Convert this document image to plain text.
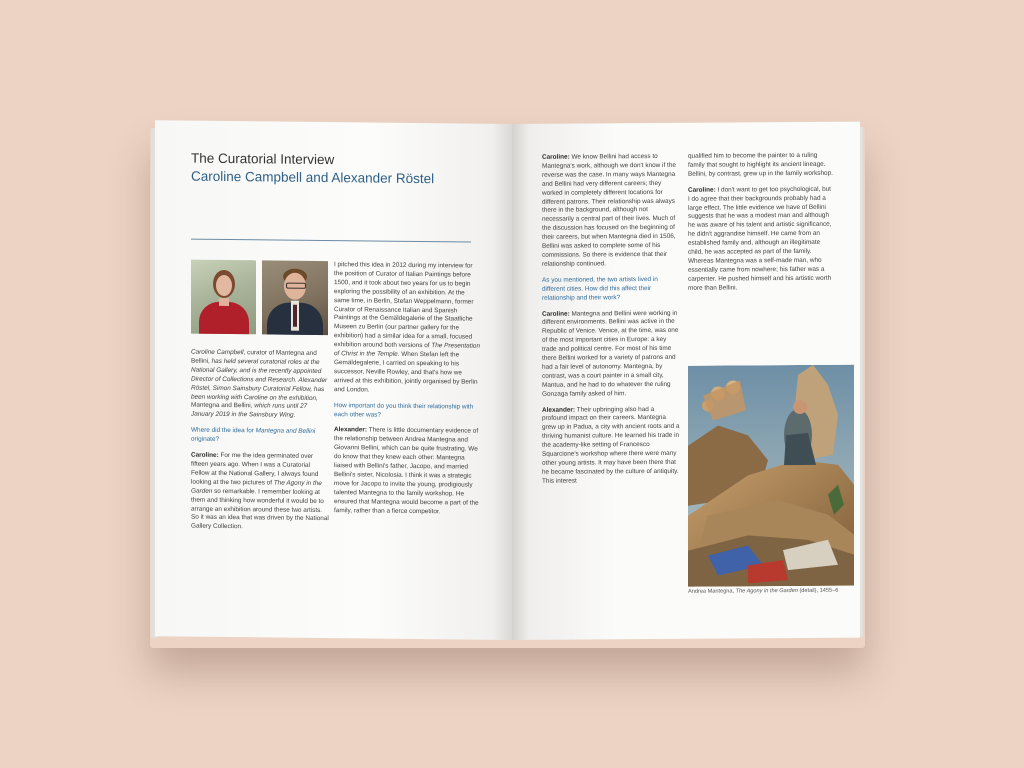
The Curatorial Interview
Caroline Campbell and Alexander Röstel

Caroline Campbell, curator of Mantegna and Bellini, has held several curatorial roles at the National Gallery, and is the recently appointed Director of Collections and Research. Alexander Röstel, Simon Sainsbury Curatorial Fellow, has been working with Caroline on the exhibition, Mantegna and Bellini, which runs until 27 January 2019 in the Sainsbury Wing.

Where did the idea for Mantegna and Bellini originate?

Caroline: For me the idea germinated over fifteen years ago. When I was a Curatorial Fellow at the National Gallery, I always found looking at the two pictures of The Agony in the Garden so remarkable. I remember looking at them and thinking how wonderful it would be to arrange an exhibition around these two artists. So it was an idea that was driven by the National Gallery Collection.

I pitched this idea in 2012 during my interview for the position of Curator of Italian Paintings before 1500, and it took about two years for us to begin exploring the possibility of an exhibition. At the same time, in Berlin, Stefan Weppelmann, former Curator of Renaissance Italian and Spanish Paintings at the Gemäldegalerie of the Staatliche Museen zu Berlin (our partner gallery for the exhibition) had a similar idea for a small, focused exhibition around both versions of The Presentation of Christ in the Temple. When Stefan left the Gemäldegalerie, I carried on speaking to his successor, Neville Rowley, and that's how we arrived at this exhibition, jointly organised by Berlin and London.

How important do you think their relationship with each other was?

Alexander: There is little documentary evidence of the relationship between Andrea Mantegna and Giovanni Bellini, which can be quite frustrating. We do know that they knew each other: Mantegna liaised with Bellini's father, Jacopo, and married Bellini's sister, Nicolosia. I think it was a strategic move for Jacopo to invite the young, prodigiously talented Mantegna to the family workshop. He ensured that Mantegna would become a part of the family, rather than a fierce competitor.

Caroline: We know Bellini had access to Mantegna's work, although we don't know if the reverse was the case. In many ways Mantegna and Bellini had very different careers; they worked in completely different locations for different patrons. Their relationship was always there in the background, although not necessarily a central part of their lives. Much of the discussion has focused on the beginning of their careers, but when Mantegna died in 1506, Bellini was asked to complete some of his commissions. So there is evidence that their relationship continued.

As you mentioned, the two artists lived in different cities. How did this affect their relationship and their work?

Caroline: Mantegna and Bellini were working in different environments. Bellini was active in the Republic of Venice. Venice, at the time, was one of the most important cities in Europe: a key trade and political centre. For most of his time there Bellini worked for a variety of patrons and had a fair level of autonomy. Mantegna, by contrast, was a court painter in a small city, Mantua, and he had to do whatever the ruling Gonzaga family asked of him.

Alexander: Their upbringing also had a profound impact on their careers. Mantegna grew up in Padua, a city with ancient roots and a thriving humanist culture. He learned his trade in the academy-like setting of Francesco Squarcione's workshop where there were many other young artists. It may have been there that he became fascinated by the culture of antiquity. This interest

qualified him to become the painter to a ruling family that sought to highlight its ancient lineage. Bellini, by contrast, grew up in the family workshop.

Caroline: I don't want to get too psychological, but I do agree that their backgrounds probably had a large effect. The little evidence we have of Bellini suggests that he was a modest man and although he was aware of his talent and artistic significance, he didn't aggrandise himself. He came from an established family and, although an illegitimate child, he was accepted as part of the family. Whereas Mantegna was a self-made man, who essentially came from nowhere; his father was a carpenter. He pushed himself and his artistic worth more than Bellini.

Andrea Mantegna, The Agony in the Garden (detail), 1455–6
